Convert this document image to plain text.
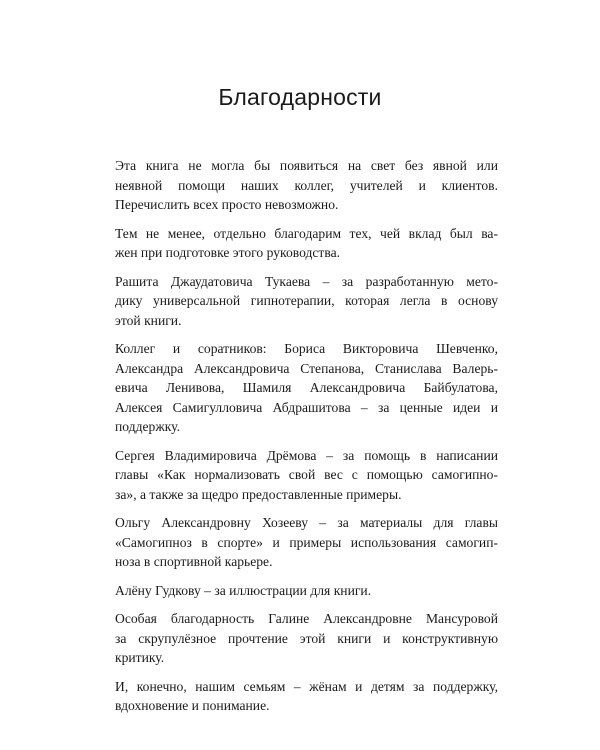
Благодарности

Эта книга не могла бы появиться на свет без явной или
неявной помощи наших коллег, учителей и клиентов.
Перечислить всех просто невозможно.

Тем не менее, отдельно благодарим тех, чей вклад был ва-
жен при подготовке этого руководства.

Рашита Джаудатовича Тукаева – за разработанную мето-
дику универсальной гипнотерапии, которая легла в основу
этой книги.

Коллег и соратников: Бориса Викторовича Шевченко,
Александра Александровича Степанова, Станислава Валерь-
евича Ленивова, Шамиля Александровича Байбулатова,
Алексея Самигулловича Абдрашитова – за ценные идеи и
поддержку.

Сергея Владимировича Дрёмова – за помощь в написании
главы «Как нормализовать свой вес с помощью самогипно-
за», а также за щедро предоставленные примеры.

Ольгу Александровну Хозееву – за материалы для главы
«Самогипноз в спорте» и примеры использования самогип-
ноза в спортивной карьере.

Алёну Гудкову – за иллюстрации для книги.

Особая благодарность Галине Александровне Мансуровой
за скрупулёзное прочтение этой книги и конструктивную
критику.

И, конечно, нашим семьям – жёнам и детям за поддержку,
вдохновение и понимание.
